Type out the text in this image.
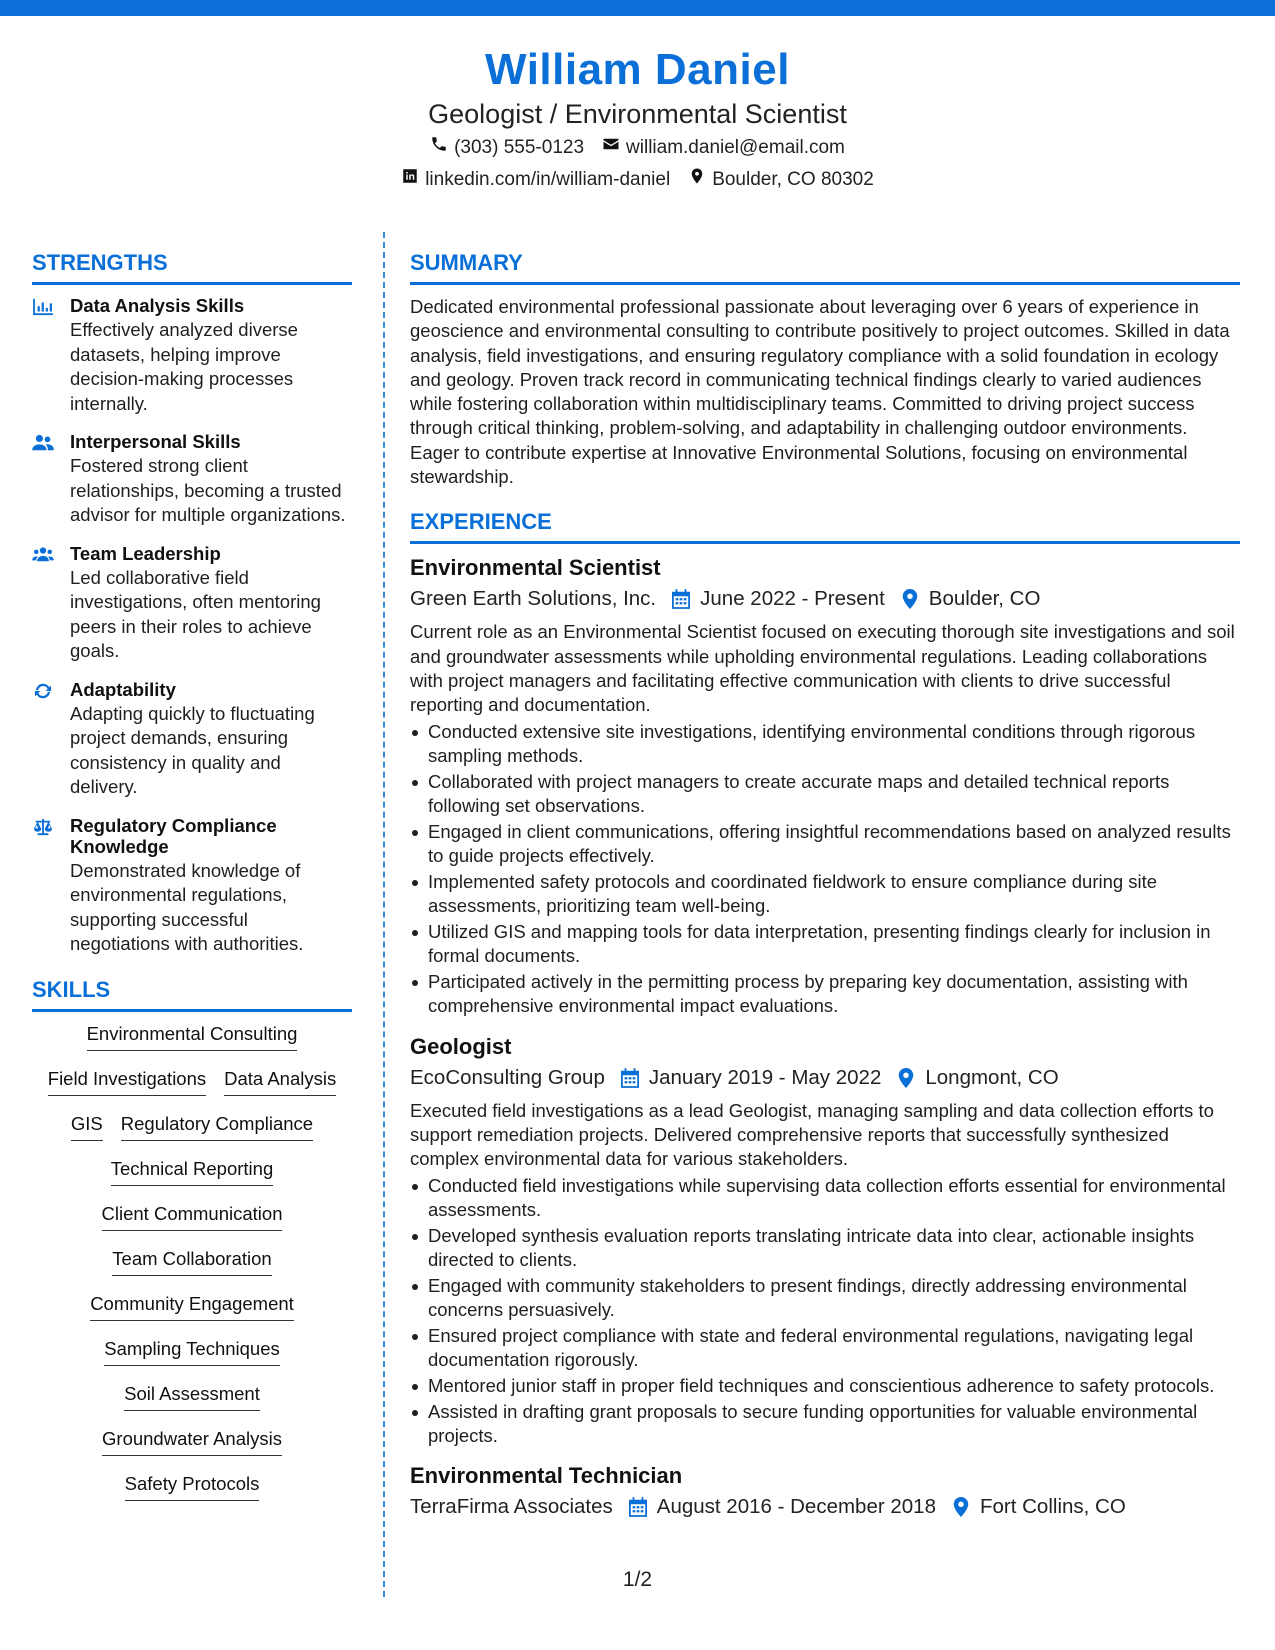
William Daniel
Geologist / Environmental Scientist
(303) 555-0123 william.daniel@email.com
linkedin.com/in/william-daniel Boulder, CO 80302
STRENGTHS
Data Analysis Skills
Effectively analyzed diverse datasets, helping improve decision-making processes internally.
Interpersonal Skills
Fostered strong client relationships, becoming a trusted advisor for multiple organizations.
Team Leadership
Led collaborative field investigations, often mentoring peers in their roles to achieve goals.
Adaptability
Adapting quickly to fluctuating project demands, ensuring consistency in quality and delivery.
Regulatory Compliance Knowledge
Demonstrated knowledge of environmental regulations, supporting successful negotiations with authorities.
SKILLS
Environmental Consulting
Field Investigations Data Analysis
GIS Regulatory Compliance
Technical Reporting
Client Communication
Team Collaboration
Community Engagement
Sampling Techniques
Soil Assessment
Groundwater Analysis
Safety Protocols
SUMMARY
Dedicated environmental professional passionate about leveraging over 6 years of experience in geoscience and environmental consulting to contribute positively to project outcomes. Skilled in data analysis, field investigations, and ensuring regulatory compliance with a solid foundation in ecology and geology. Proven track record in communicating technical findings clearly to varied audiences while fostering collaboration within multidisciplinary teams. Committed to driving project success through critical thinking, problem-solving, and adaptability in challenging outdoor environments. Eager to contribute expertise at Innovative Environmental Solutions, focusing on environmental stewardship.
EXPERIENCE
Environmental Scientist
Green Earth Solutions, Inc. June 2022 - Present Boulder, CO
Current role as an Environmental Scientist focused on executing thorough site investigations and soil and groundwater assessments while upholding environmental regulations. Leading collaborations with project managers and facilitating effective communication with clients to drive successful reporting and documentation.
Conducted extensive site investigations, identifying environmental conditions through rigorous sampling methods.
Collaborated with project managers to create accurate maps and detailed technical reports following set observations.
Engaged in client communications, offering insightful recommendations based on analyzed results to guide projects effectively.
Implemented safety protocols and coordinated fieldwork to ensure compliance during site assessments, prioritizing team well-being.
Utilized GIS and mapping tools for data interpretation, presenting findings clearly for inclusion in formal documents.
Participated actively in the permitting process by preparing key documentation, assisting with comprehensive environmental impact evaluations.
Geologist
EcoConsulting Group January 2019 - May 2022 Longmont, CO
Executed field investigations as a lead Geologist, managing sampling and data collection efforts to support remediation projects. Delivered comprehensive reports that successfully synthesized complex environmental data for various stakeholders.
Conducted field investigations while supervising data collection efforts essential for environmental assessments.
Developed synthesis evaluation reports translating intricate data into clear, actionable insights directed to clients.
Engaged with community stakeholders to present findings, directly addressing environmental concerns persuasively.
Ensured project compliance with state and federal environmental regulations, navigating legal documentation rigorously.
Mentored junior staff in proper field techniques and conscientious adherence to safety protocols.
Assisted in drafting grant proposals to secure funding opportunities for valuable environmental projects.
Environmental Technician
TerraFirma Associates August 2016 - December 2018 Fort Collins, CO
1/2
